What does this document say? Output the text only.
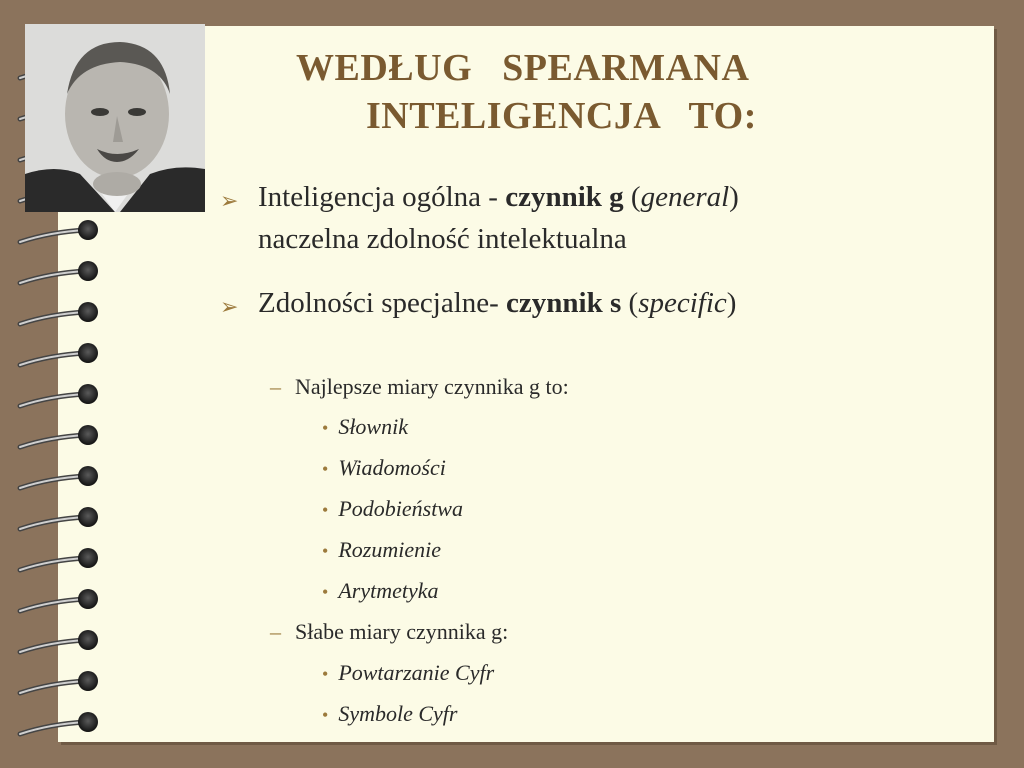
WEDŁUG   SPEARMANA
INTELIGENCJA   TO:
➢ Inteligencja ogólna - czynnik g (general)
naczelna zdolność intelektualna
➢ Zdolności specjalne- czynnik s (specific)
– Najlepsze miary czynnika g to:
• Słownik
• Wiadomości
• Podobieństwa
• Rozumienie
• Arytmetyka
– Słabe miary czynnika g:
• Powtarzanie Cyfr
• Symbole Cyfr
